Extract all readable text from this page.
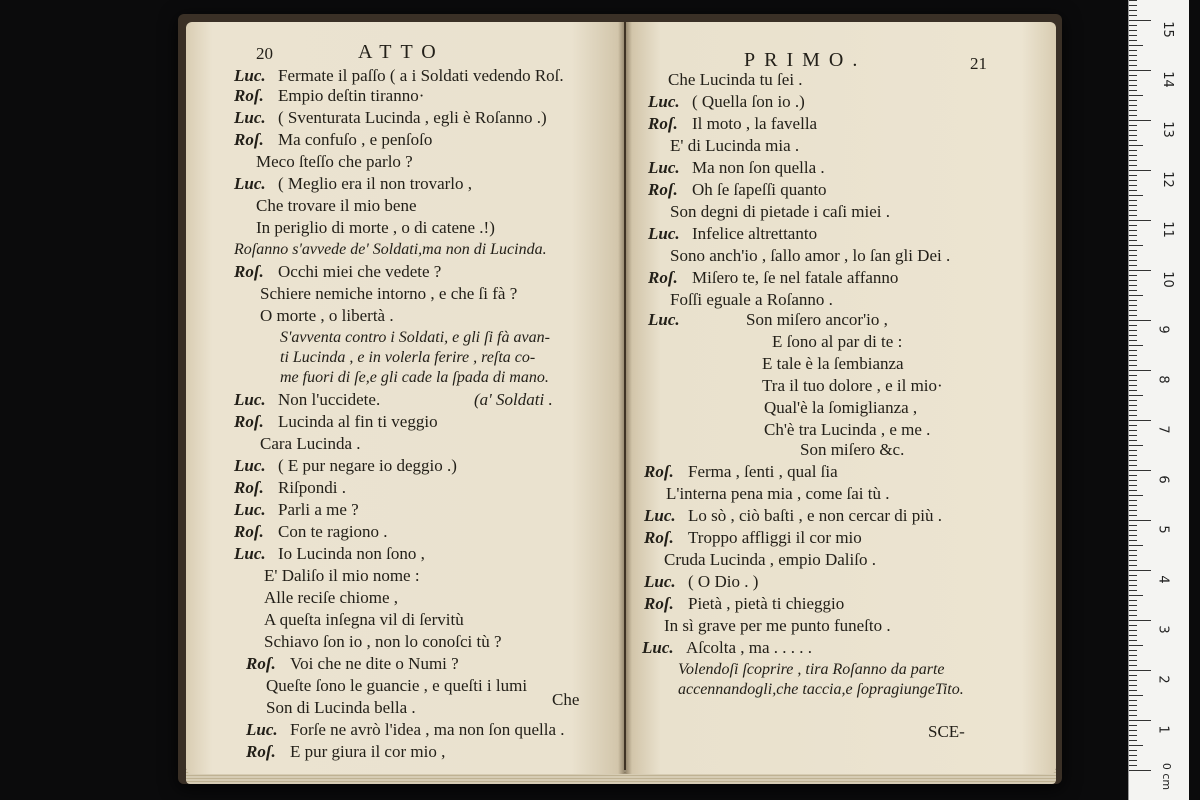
20	ATTO
Luc. Fermate il paſſo ( a i Soldati vedendo Roſ.
Roſ. Empio deſtin tiranno·
Luc. ( Sventurata Lucinda , egli è Roſanno .)
Roſ. Ma confuſo , e penſoſo
Meco ſteſſo che parlo ?
Luc. ( Meglio era il non trovarlo ,
Che trovare il mio bene
In periglio di morte , o di catene .!)
Roſanno s'avvede de' Soldati,ma non di Lucinda.
Roſ. Occhi miei che vedete ?
Schiere nemiche intorno , e che ſi fà ?
O morte , o libertà .
S'avventa contro i Soldati, e gli ſi fà avan-
ti Lucinda , e in volerla ferire , reſta co-
me fuori di ſe,e gli cade la ſpada di mano.
Luc. Non l'uccidete.	(a' Soldati .
Roſ. Lucinda al fin ti veggio
Cara Lucinda .
Luc. ( E pur negare io deggio .)
Roſ. Riſpondi .
Luc. Parli a me ?
Roſ. Con te ragiono .
Luc. Io Lucinda non ſono ,
E' Daliſo il mio nome :
Alle reciſe chiome ,
A queſta inſegna vil di ſervitù
Schiavo ſon io , non lo conoſci tù ?
Roſ. Voi che ne dite o Numi ?
Queſte ſono le guancie , e queſti i lumi
Son di Lucinda bella .
Luc. Forſe ne avrò l'idea , ma non ſon quella .
Roſ. E pur giura il cor mio ,
Che
PRIMO.	21
Che Lucinda tu ſei .
Luc. ( Quella ſon io .)
Roſ. Il moto , la favella
E' di Lucinda mia .
Luc. Ma non ſon quella .
Roſ. Oh ſe ſapeſſi quanto
Son degni di pietade i caſi miei .
Luc. Infelice altrettanto
Sono anch'io , ſallo amor , lo ſan gli Dei .
Roſ. Miſero te, ſe nel fatale affanno
Foſſi eguale a Roſanno .
Luc.	Son miſero ancor'io ,
E ſono al par di te :
E tale è la ſembianza
Tra il tuo dolore , e il mio·
Qual'è la ſomiglianza ,
Ch'è tra Lucinda , e me .
Son miſero &c.
Roſ. Ferma , ſenti , qual ſia
L'interna pena mia , come ſai tù .
Luc. Lo sò , ciò baſti , e non cercar di più .
Roſ. Troppo affliggi il cor mio
Cruda Lucinda , empio Daliſo .
Luc. ( O Dio . )
Roſ. Pietà , pietà ti chieggio
In sì grave per me punto funeſto .
Luc. Aſcolta , ma . . . . .
Volendoſi ſcoprire , tira Roſanno da parte
accennandogli,che taccia,e ſopragiungeTito.
SCE-
15
14
13
12
11
10
9
8
7
6
5
4
3
2
1
0 cm
